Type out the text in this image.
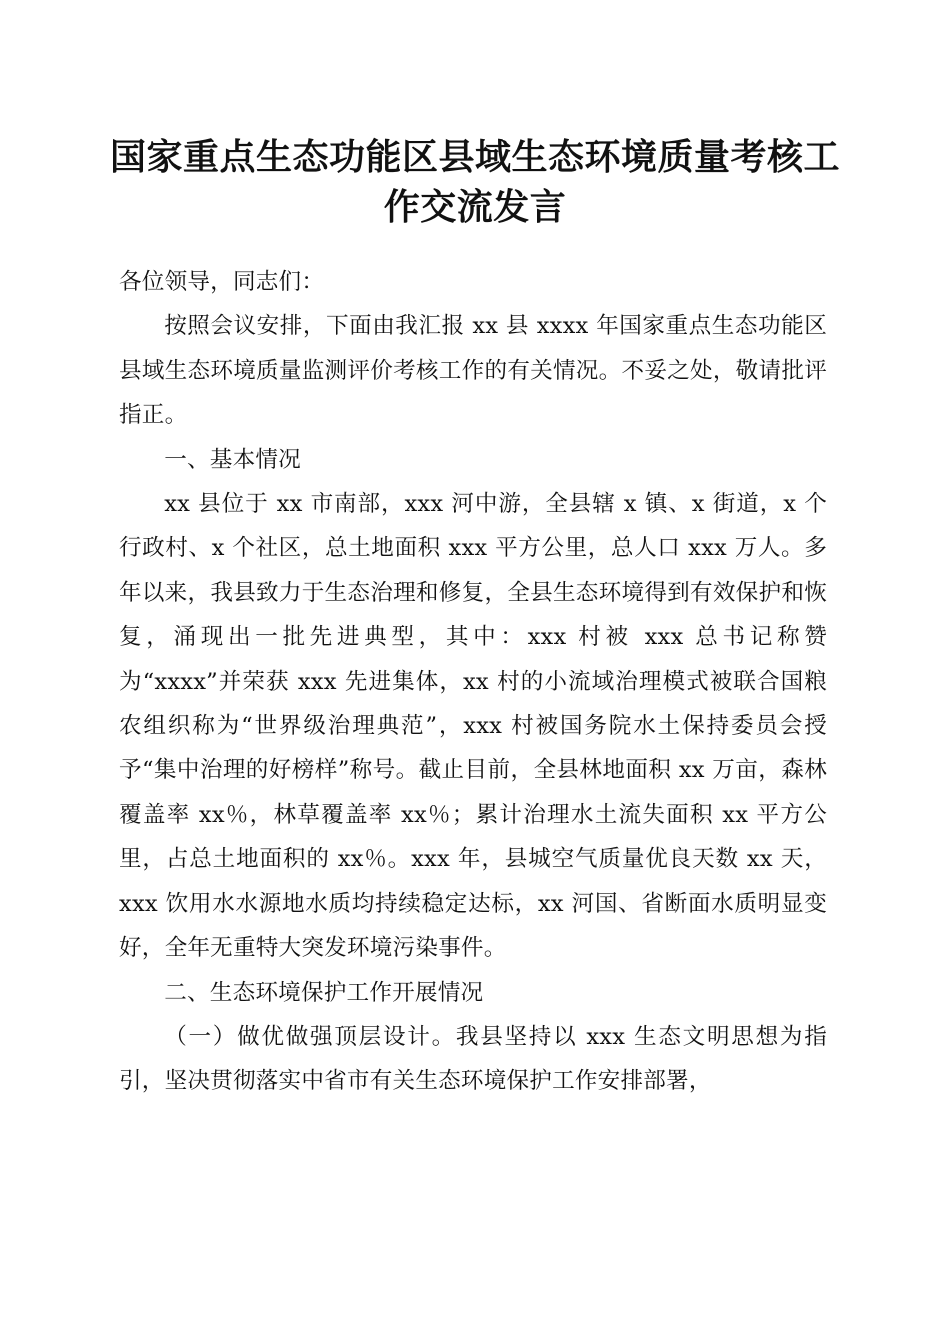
国家重点生态功能区县域生态环境质量考核工
作交流发言

各位领导，同志们：

按照会议安排，下面由我汇报 xx 县 xxxx 年国家重点生态功能区县域生态环境质量监测评价考核工作的有关情况。不妥之处，敬请批评指正。

一、基本情况

xx 县位于 xx 市南部，xxx 河中游，全县辖 x 镇、x 街道，x 个行政村、x 个社区，总土地面积 xxx 平方公里，总人口 xxx 万人。多年以来，我县致力于生态治理和修复，全县生态环境得到有效保护和恢复，涌现出一批先进典型，其中：xxx 村被 xxx 总书记称赞为“xxxx”并荣获 xxx 先进集体，xx 村的小流域治理模式被联合国粮农组织称为“世界级治理典范”，xxx 村被国务院水土保持委员会授予“集中治理的好榜样”称号。截止目前，全县林地面积 xx 万亩，森林覆盖率 xx％，林草覆盖率 xx％；累计治理水土流失面积 xx 平方公里，占总土地面积的 xx％。xxx 年，县城空气质量优良天数 xx 天，xxx 饮用水水源地水质均持续稳定达标，xx 河国、省断面水质明显变好，全年无重特大突发环境污染事件。

二、生态环境保护工作开展情况

（一）做优做强顶层设计。我县坚持以 xxx 生态文明思想为指引，坚决贯彻落实中省市有关生态环境保护工作安排部署，
